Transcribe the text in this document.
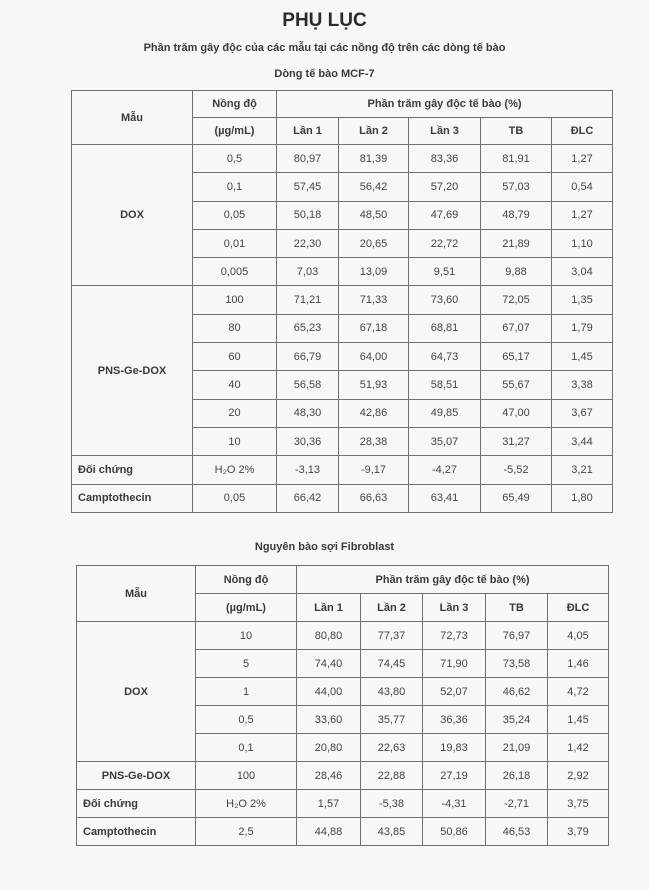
PHỤ LỤC
Phần trăm gây độc của các mẫu tại các nồng độ trên các dòng tế bào
Dòng tế bào MCF-7
Nguyên bào sợi Fibroblast
Mẫu	Nồng độ	Phần trăm gây độc tế bào (%)				
	(µg/mL)	Lần 1	Lần 2	Lần 3	TB	ĐLC
DOX	0,5	80,97	81,39	83,36	81,91	1,27
	0,1	57,45	56,42	57,20	57,03	0,54
	0,05	50,18	48,50	47,69	48,79	1,27
	0,01	22,30	20,65	22,72	21,89	1,10
	0,005	7,03	13,09	9,51	9,88	3,04
PNS-Ge-DOX	100	71,21	71,33	73,60	72,05	1,35
	80	65,23	67,18	68,81	67,07	1,79
	60	66,79	64,00	64,73	65,17	1,45
	40	56,58	51,93	58,51	55,67	3,38
	20	48,30	42,86	49,85	47,00	3,67
	10	30,36	28,38	35,07	31,27	3,44
Đối chứng	H₂O 2%	-3,13	-9,17	-4,27	-5,52	3,21
Camptothecin	0,05	66,42	66,63	63,41	65,49	1,80
Mẫu	Nồng độ	Phần trăm gây độc tế bào (%)				
	(µg/mL)	Lần 1	Lần 2	Lần 3	TB	ĐLC
DOX	10	80,80	77,37	72,73	76,97	4,05
	5	74,40	74,45	71,90	73,58	1,46
	1	44,00	43,80	52,07	46,62	4,72
	0,5	33,60	35,77	36,36	35,24	1,45
	0,1	20,80	22,63	19,83	21,09	1,42
PNS-Ge-DOX	100	28,46	22,88	27,19	26,18	2,92
Đối chứng	H₂O 2%	1,57	-5,38	-4,31	-2,71	3,75
Camptothecin	2,5	44,88	43,85	50,86	46,53	3,79
